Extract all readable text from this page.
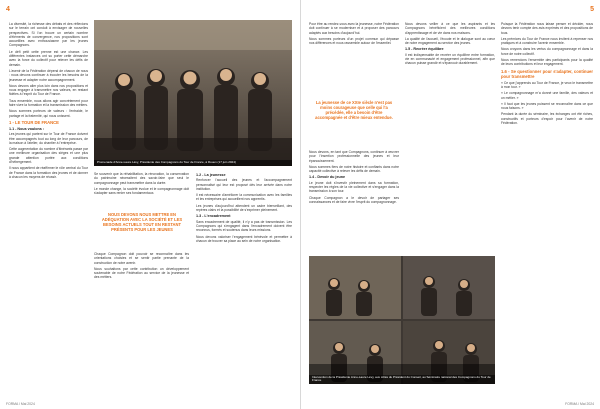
4

La diversité, la richesse des débats et des réflexions sur le terrain ont conduit à envisager de nouvelles perspectives. Si l'on trouve un certain nombre d'éléments de convergence, nos propositions sont accueillies avec enthousiasme par les jeunes Compagnons.

Le défi petit cette prenne est une chance. Les différentes instances ont su porter cette démarche avec la force du collectif pour relever les défis de demain.

L'avenir de la Fédération dépend de chacun de nous : nous devons continuer à écouter les besoins de la jeunesse et adapter notre accompagnement.

Nous devons aller plus loin dans nos propositions et nous engager à transmettre nos valeurs, en restant fidèles à l'esprit du Tour de France.

Tous ensemble, nous allons agir concrètement pour faire vivre la formation et la transmission des métiers.

Nous sommes porteurs de valeurs : l'entraide, le partage et la fraternité, qui nous unissent.

1 - LE TOUR DE FRANCE
1.1 - Nous voulons :

Les jeunes qui partent sur le Tour de France doivent être accompagnés tout au long de leur parcours, de la maison à l'atelier, du chantier à l'entreprise.

Cette augmentation du nombre d'itinérants passe par une meilleure organisation des sièges et une plus grande attention portée aux conditions d'hébergement.

Il nous appartient de réaffirmer le rôle central du Tour de France dans la formation des jeunes et de donner à chacun les moyens de réussir.

Promenade d'Anne-Laure Lévy, Présidente des Compagnons du Tour de France, à Rouen (17 juin 2024)

Se souvenir que la réhabilitation, la rénovation, la conservation du patrimoine nécessitent des savoir-faire que seul le compagnonnage peut transmettre dans la durée.

Le monde change, la société évolue et le compagnonnage doit s'adapter sans renier ses fondamentaux.

NOUS DEVONS NOUS METTRE EN ADÉQUATION AVEC LA SOCIÉTÉ ET LES BESOINS ACTUELS TOUT EN RESTANT PRÉSENTS POUR LES JEUNES

Chaque Compagnon doit pouvoir se reconnaître dans les orientations choisies et se sentir partie prenante de la construction de notre avenir.

Nous souhaitons par cette contribution un développement soutenable de notre Fédération au service de la jeunesse et des métiers.

1.2 - La jeunesse

Renforcer l'accueil des jeunes et l'accompagnement personnalisé qui leur est proposé dès leur arrivée dans notre institution.

Il est nécessaire d'améliorer la communication avec les familles et les entreprises qui accueillent nos apprentis.

Les jeunes d'aujourd'hui attendent un cadre bienveillant, des repères clairs et la possibilité de s'exprimer pleinement.

1.3 - L'encadrement

Sans encadrement de qualité, il n'y a pas de transmission. Les Compagnons qui s'engagent dans l'encadrement doivent être reconnus, formés et soutenus dans leurs missions.

Nous devons valoriser l'engagement bénévole et permettre à chacun de trouver sa place au sein de notre organisation.

FORMA / Mai 2024
5

Pour être au rendez-vous avec la jeunesse, notre Fédération doit continuer à se moderniser et à proposer des parcours adaptés aux besoins d'aujourd'hui.

Nous sommes porteurs d'un projet commun qui dépasse nos différences et nous rassemble autour de l'essentiel.

La jeunesse de ce XXIe siècle n'est pas moins courageuse que celle qui l'a précédée, elle a besoin d'être accompagnée et d'être mieux entendue.

Nous devons, en tant que Compagnons, continuer à œuvrer pour l'insertion professionnelle des jeunes et leur épanouissement.

Nous sommes fiers de notre histoire et confiants dans notre capacité collective à relever les défis de demain.

1.4 - Devoir du jeune

Le jeune doit s'investir pleinement dans sa formation, respecter les règles de la vie collective et s'engager dans la transmission à son tour.

Chaque Compagnon a le devoir de partager ses connaissances et de faire vivre l'esprit du compagnonnage.

Nous devons veiller à ce que les aspirants et les Compagnons bénéficient des meilleures conditions d'apprentissage et de vie dans nos maisons.

La qualité de l'accueil, l'écoute et le dialogue sont au cœur de notre engagement au service des jeunes.

1.5 - Recréer équilibre

Il est indispensable de recréer un équilibre entre formation, vie en communauté et engagement professionnel, afin que chacun puisse grandir et s'épanouir durablement.

Puisque la Fédération nous laisse penser et décider, nous devons tenir compte des avis exprimés et des propositions de tous.

Les prémices du Tour de France nous invitent à repenser nos pratiques et à construire l'avenir ensemble.

Nous croyons dans les vertus du compagnonnage et dans la force de notre collectif.

Nous remercions l'ensemble des participants pour la qualité de leurs contributions et leur engagement.

1.6 - Se questionner pour s'adapter, continuer pour transmettre

« Ce que j'apprends au Tour de France, je veux le transmettre à mon tour. »

« Le compagnonnage m'a donné une famille, des valeurs et un métier. »

« Il faut que les jeunes puissent se reconnaître dans ce que nous faisons. »

Pendant la durée du séminaire, les échanges ont été riches, constructifs et porteurs d'espoir pour l'avenir de notre Fédération.

Intervention de la Présidente Anne-Laure Lévy, aux côtés du Président du Conseil, au Séminaire national des Compagnons du Tour de France
FORMA / Mai 2024
